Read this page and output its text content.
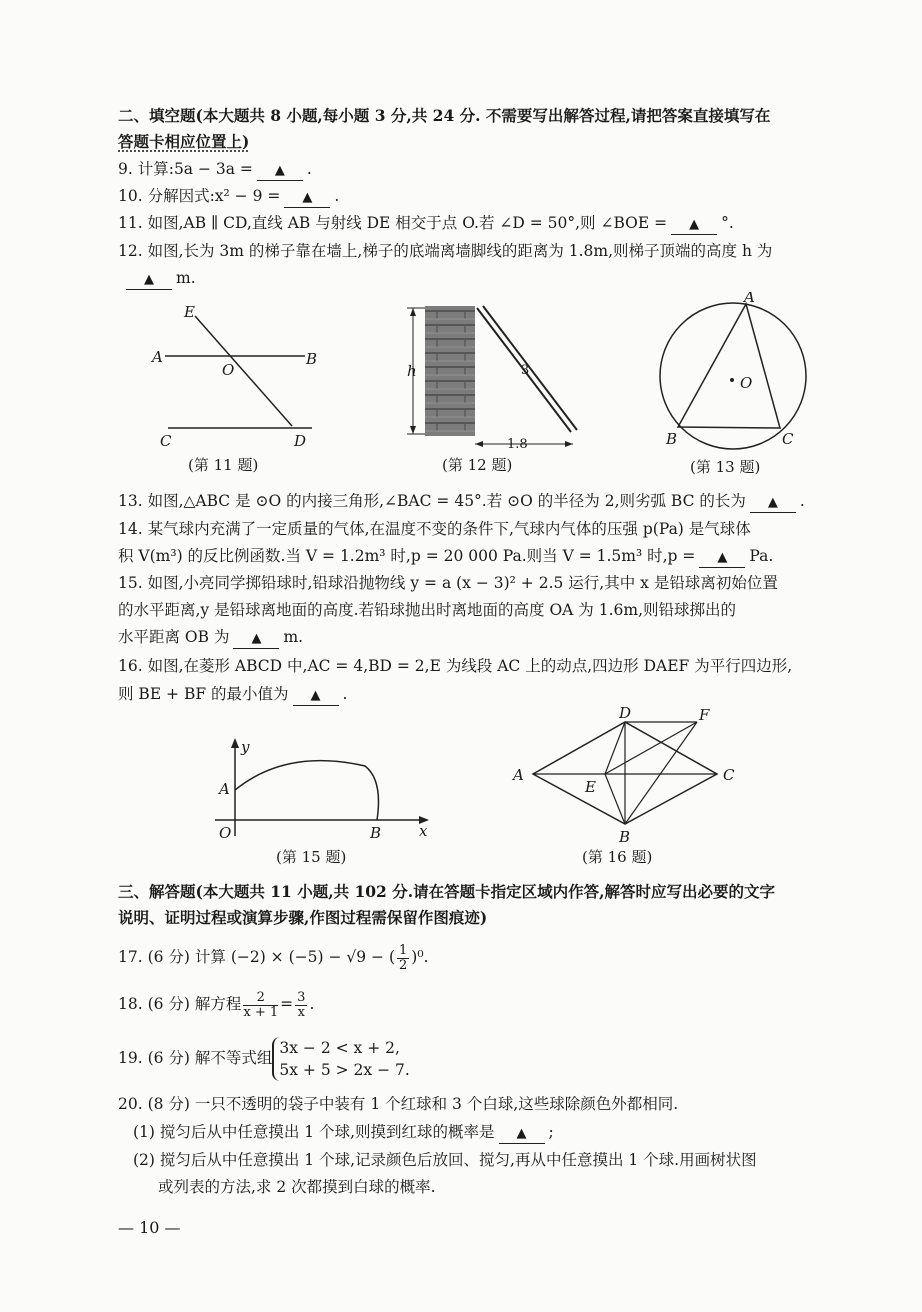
二、填空题(本大题共 8 小题,每小题 3 分,共 24 分. 不需要写出解答过程,请把答案直接填写在
答题卡相应位置上)
9. 计算:5a − 3a = ▲ .
10. 分解因式:x² − 9 = ▲ .
11. 如图,AB ∥ CD,直线 AB 与射线 DE 相交于点 O.若 ∠D = 50°,则 ∠BOE = ▲ °.
12. 如图,长为 3m 的梯子靠在墙上,梯子的底端离墙脚线的距离为 1.8m,则梯子顶端的高度 h 为
▲ m.
E
A
O
B
C	D
(第 11 题)
h	3
1.8
(第 12 题)
A
O
B	C
(第 13 题)
13. 如图,△ABC 是 ⊙O 的内接三角形,∠BAC = 45°.若 ⊙O 的半径为 2,则劣弧 BC 的长为 ▲ .
14. 某气球内充满了一定质量的气体,在温度不变的条件下,气球内气体的压强 p(Pa) 是气球体
积 V(m³) 的反比例函数.当 V = 1.2m³ 时,p = 20 000 Pa.则当 V = 1.5m³ 时,p = ▲ Pa.
15. 如图,小亮同学掷铅球时,铅球沿抛物线 y = a (x − 3)² + 2.5 运行,其中 x 是铅球离初始位置
的水平距离,y 是铅球离地面的高度.若铅球抛出时离地面的高度 OA 为 1.6m,则铅球掷出的
水平距离 OB 为 ▲ m.
16. 如图,在菱形 ABCD 中,AC = 4,BD = 2,E 为线段 AC 上的动点,四边形 DAEF 为平行四边形,
则 BE + BF 的最小值为 ▲ .
y
A
O	B	x
(第 15 题)
D	F
A
E
C
B
(第 16 题)
三、解答题(本大题共 11 小题,共 102 分.请在答题卡指定区域内作答,解答时应写出必要的文字
说明、证明过程或演算步骤,作图过程需保留作图痕迹)
17. (6 分) 计算 (−2) × (−5) − √9 − ( $\frac{1}{2} )^0$.
18. (6 分) 解方程 $\frac{2}{x + 1} = \frac{3}{x}$ .
19. (6 分) 解不等式组
3x − 2 < x + 2,
5x + 5 > 2x − 7.
20. (8 分) 一只不透明的袋子中装有 1 个红球和 3 个白球,这些球除颜色外都相同.
(1) 搅匀后从中任意摸出 1 个球,则摸到红球的概率是 ▲ ;
(2) 搅匀后从中任意摸出 1 个球,记录颜色后放回、搅匀,再从中任意摸出 1 个球.用画树状图
或列表的方法,求 2 次都摸到白球的概率.
— 10 —
